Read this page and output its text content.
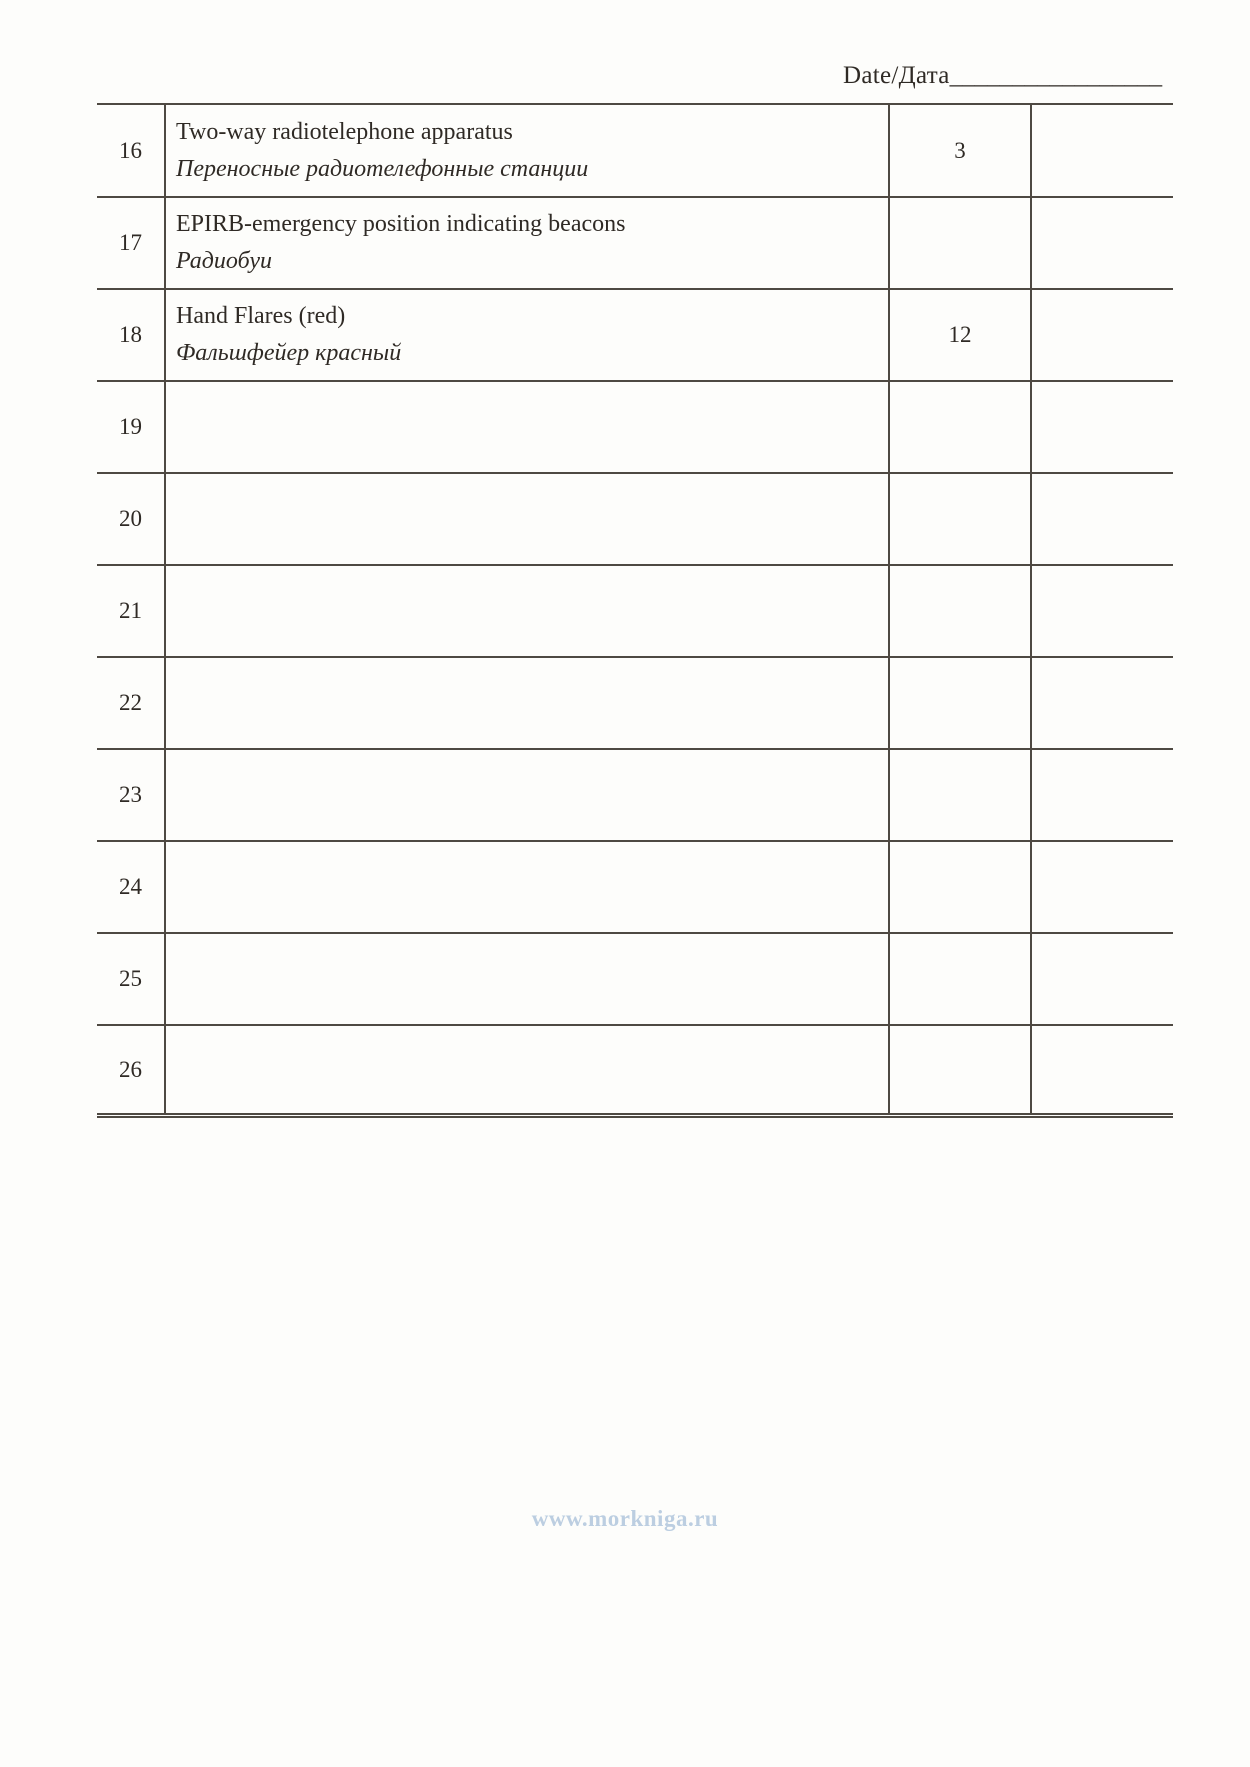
Date/Дата_________________
16
Two-way radiotelephone apparatus
Переносные радиотелефонные станции
3
17
EPIRB-emergency position indicating beacons
Радиобуи
18
Hand Flares (red)
Фальшфейер красный
12
19
20
21
22
23
24
25
26
www.morkniga.ru
